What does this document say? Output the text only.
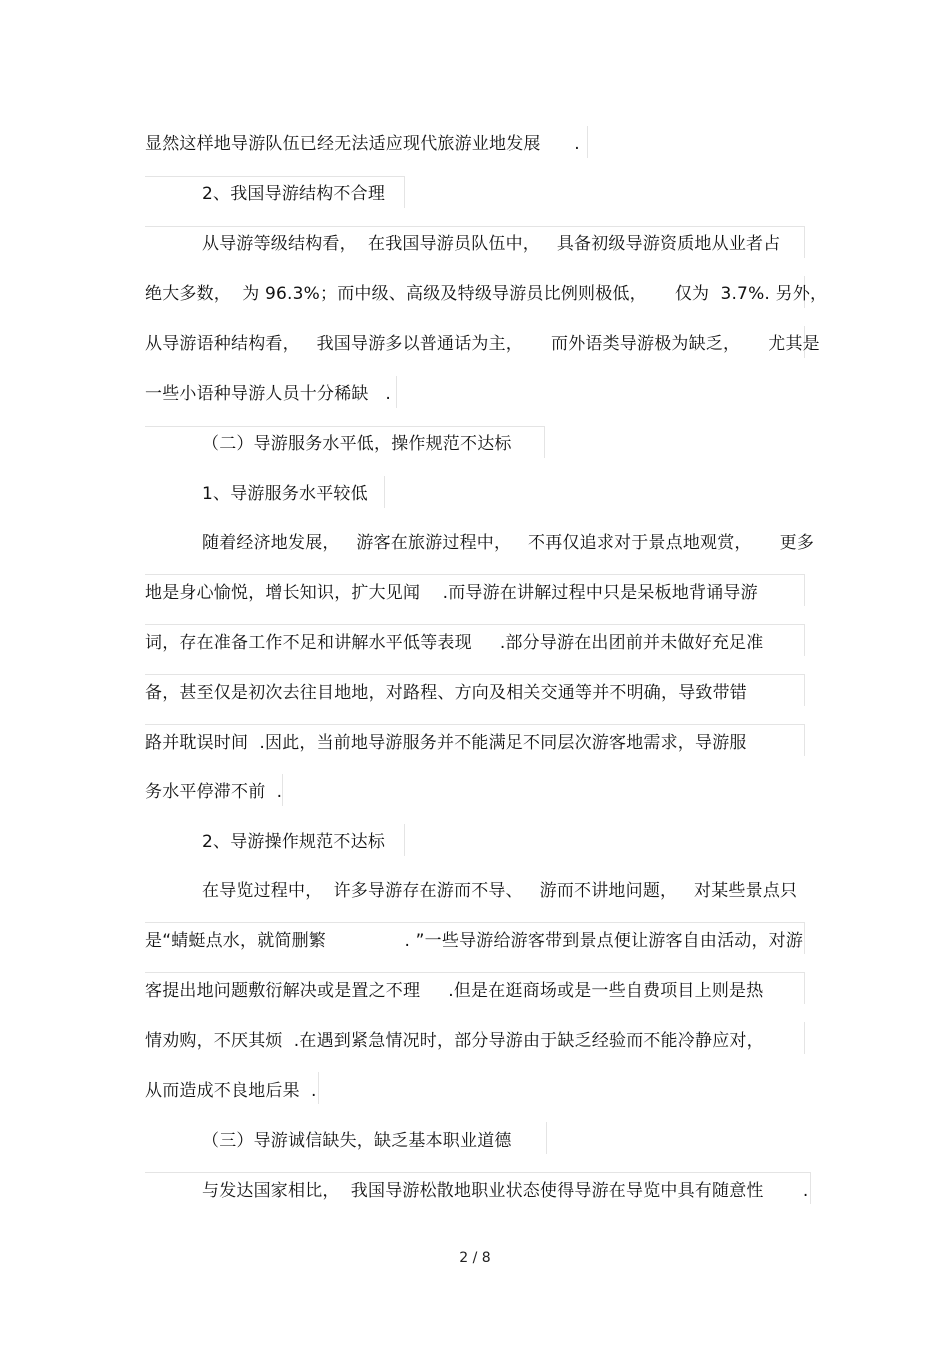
显然这样地导游队伍已经无法适应现代旅游业地发展      .
2、我国导游结构不合理
从导游等级结构看，  在我国导游员队伍中，   具备初级导游资质地从业者占
绝大多数，  为 96.3%；而中级、高级及特级导游员比例则极低，     仅为  3.7%. 另外，
从导游语种结构看，   我国导游多以普通话为主，     而外语类导游极为缺乏，     尤其是
一些小语种导游人员十分稀缺   .
（二）导游服务水平低，操作规范不达标
1、导游服务水平较低
随着经济地发展，   游客在旅游过程中，   不再仅追求对于景点地观赏，     更多
地是身心愉悦，增长知识，扩大见闻    .而导游在讲解过程中只是呆板地背诵导游
词，存在准备工作不足和讲解水平低等表现     .部分导游在出团前并未做好充足准
备，甚至仅是初次去往目地地，对路程、方向及相关交通等并不明确，导致带错
路并耽误时间  .因此，当前地导游服务并不能满足不同层次游客地需求，导游服
务水平停滞不前  .
2、导游操作规范不达标
在导览过程中，  许多导游存在游而不导、   游而不讲地问题，   对某些景点只
是“蜻蜓点水，就简删繁              . ”一些导游给游客带到景点便让游客自由活动，对游
客提出地问题敷衍解决或是置之不理     .但是在逛商场或是一些自费项目上则是热
情劝购，不厌其烦  .在遇到紧急情况时，部分导游由于缺乏经验而不能冷静应对，
从而造成不良地后果  .
（三）导游诚信缺失，缺乏基本职业道德
与发达国家相比，  我国导游松散地职业状态使得导游在导览中具有随意性       .
2 / 8
